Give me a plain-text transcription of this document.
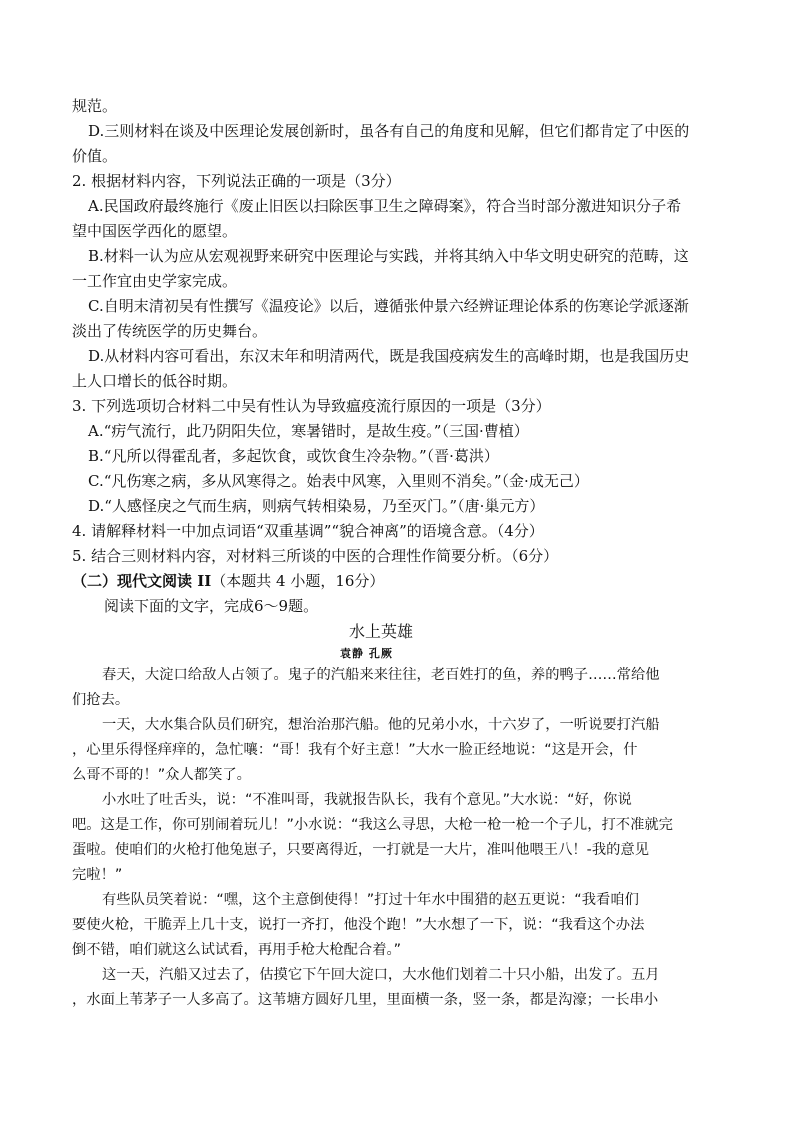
规范。
D.三则材料在谈及中医理论发展创新时，虽各有自己的角度和见解，但它们都肯定了中医的
价值。
2. 根据材料内容，下列说法正确的一项是（3分）
A.民国政府最终施行《废止旧医以扫除医事卫生之障碍案》，符合当时部分激进知识分子希
望中国医学西化的愿望。
B.材料一认为应从宏观视野来研究中医理论与实践，并将其纳入中华文明史研究的范畴，这
一工作宜由史学家完成。
C.自明末清初吴有性撰写《温疫论》以后，遵循张仲景六经辨证理论体系的伤寒论学派逐渐
淡出了传统医学的历史舞台。
D.从材料内容可看出，东汉末年和明清两代，既是我国疫病发生的高峰时期，也是我国历史
上人口增长的低谷时期。
3. 下列选项切合材料二中吴有性认为导致瘟疫流行原因的一项是（3分）
A.“疠气流行，此乃阴阳失位，寒暑错时，是故生疫。”（三国·曹植）
B.“凡所以得霍乱者，多起饮食，或饮食生冷杂物。”（晋·葛洪）
C.“凡伤寒之病，多从风寒得之。始表中风寒，入里则不消矣。”（金·成无己）
D.“人感怪戾之气而生病，则病气转相染易，乃至灭门。”（唐·巢元方）
4. 请解释材料一中加点词语“双重基调”“貌合神离”的语境含意。（4分）
5. 结合三则材料内容，对材料三所谈的中医的合理性作简要分析。（6分）
（二）现代文阅读 II（本题共 4 小题，16分）
阅读下面的文字，完成6～9题。
水上英雄
袁静 孔厥
春天，大淀口给敌人占领了。鬼子的汽船来来往往，老百姓打的鱼，养的鸭子……常给他
们抢去。
一天，大水集合队员们研究，想治治那汽船。他的兄弟小水，十六岁了，一听说要打汽船
，心里乐得怪痒痒的，急忙嚷：“哥！我有个好主意！”大水一脸正经地说：“这是开会，什
么哥不哥的！”众人都笑了。
小水吐了吐舌头，说：“不准叫哥，我就报告队长，我有个意见。”大水说：“好，你说
吧。这是工作，你可别闹着玩儿！”小水说：“我这么寻思，大枪一枪一枪一个子儿，打不准就完
蛋啦。使咱们的火枪打他兔崽子，只要离得近，一打就是一大片，准叫他喂王八！-我的意见
完啦！”
有些队员笑着说：“嘿，这个主意倒使得！”打过十年水中围猎的赵五更说：“我看咱们
要使火枪，干脆弄上几十支，说打一齐打，他没个跑！”大水想了一下，说：“我看这个办法
倒不错，咱们就这么试试看，再用手枪大枪配合着。”
这一天，汽船又过去了，估摸它下午回大淀口，大水他们划着二十只小船，出发了。五月
，水面上苇茅子一人多高了。这苇塘方圆好几里，里面横一条，竖一条，都是沟濠；一长串小
